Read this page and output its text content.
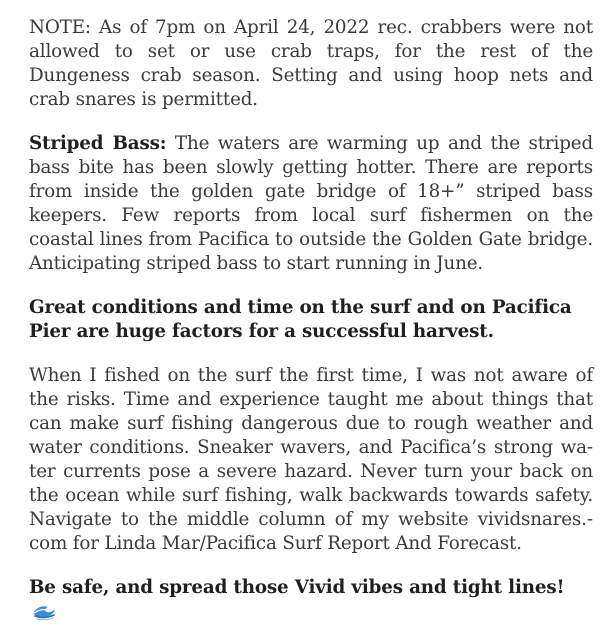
NOTE: As of 7pm on April 24, 2022 rec. crabbers were not allowed to set or use crab traps, for the rest of the Dungeness crab season. Setting and using hoop nets and crab snares is permitted.

Striped Bass: The waters are warming up and the striped bass bite has been slowly getting hotter. There are reports from inside the golden gate bridge of 18+” striped bass keepers. Few reports from local surf fishermen on the coastal lines from Pacifica to outside the Golden Gate bridge. Anticipating striped bass to start running in June.

Great conditions and time on the surf and on Pacifica Pier are huge factors for a successful harvest.

When I fished on the surf the first time, I was not aware of the risks. Time and experience taught me about things that can make surf fishing dangerous due to rough weather and water conditions. Sneaker wavers, and Pacifica’s strong water currents pose a severe hazard. Never turn your back on the ocean while surf fishing, walk backwards towards safety. Navigate to the middle column of my website vividsnares.com for Linda Mar/Pacifica Surf Report And Forecast.

Be safe, and spread those Vivid vibes and tight lines!
